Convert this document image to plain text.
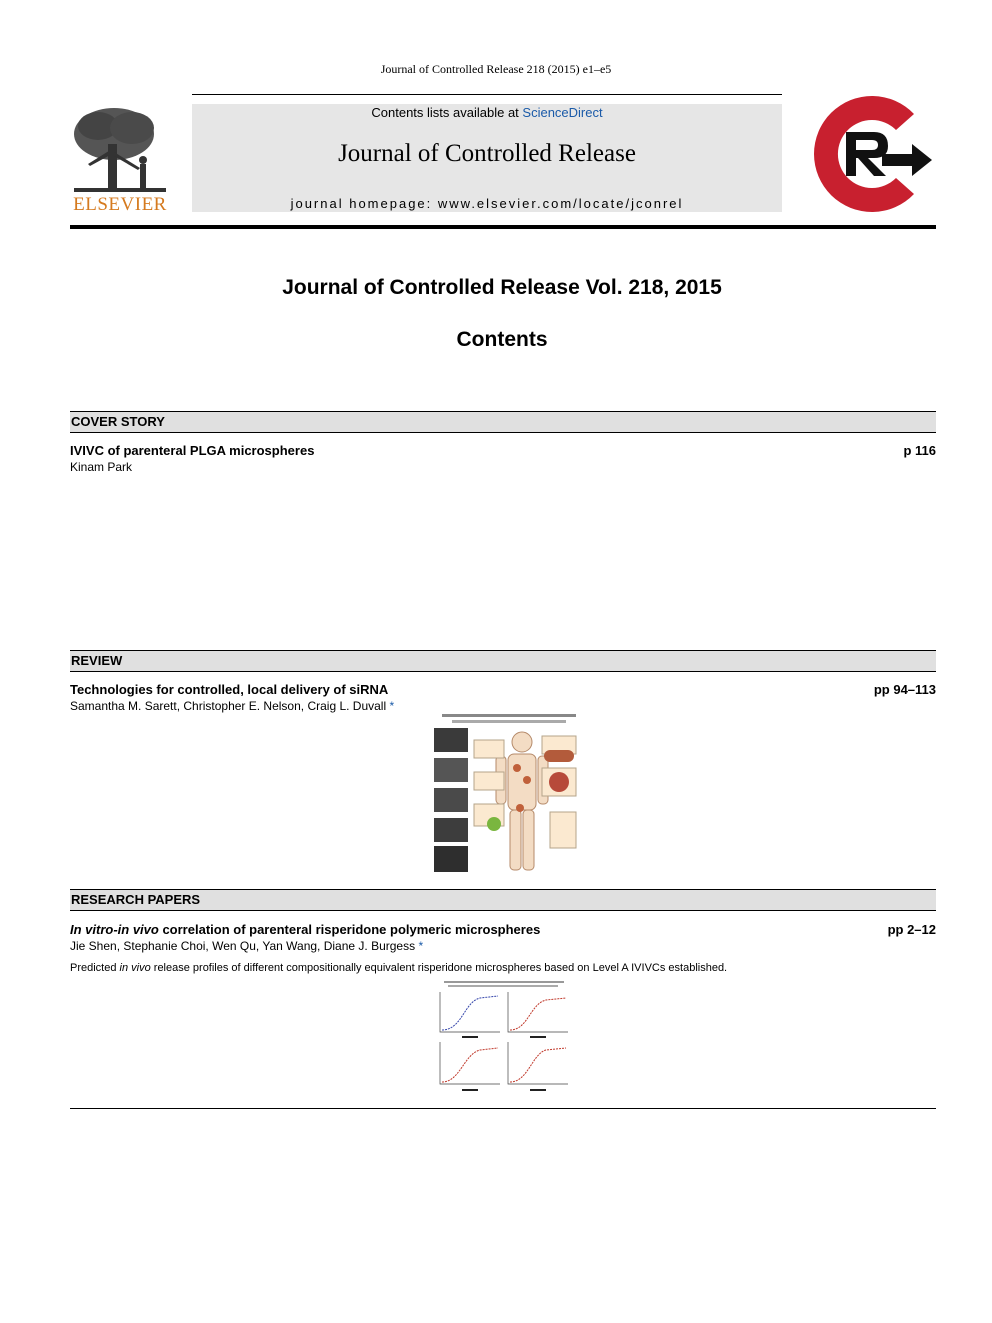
Journal of Controlled Release 218 (2015) e1–e5
ELSEVIER
Contents lists available at ScienceDirect
Journal of Controlled Release
journal homepage: www.elsevier.com/locate/jconrel
Journal of Controlled Release Vol. 218, 2015
Contents
COVER STORY
IVIVC of parenteral PLGA microspheres	p 116
Kinam Park
REVIEW
Technologies for controlled, local delivery of siRNA	pp 94–113
Samantha M. Sarett, Christopher E. Nelson, Craig L. Duvall *
RESEARCH PAPERS
In vitro-in vivo correlation of parenteral risperidone polymeric microspheres	pp 2–12
Jie Shen, Stephanie Choi, Wen Qu, Yan Wang, Diane J. Burgess *
Predicted in vivo release profiles of different compositionally equivalent risperidone microspheres based on Level A IVIVCs established.
